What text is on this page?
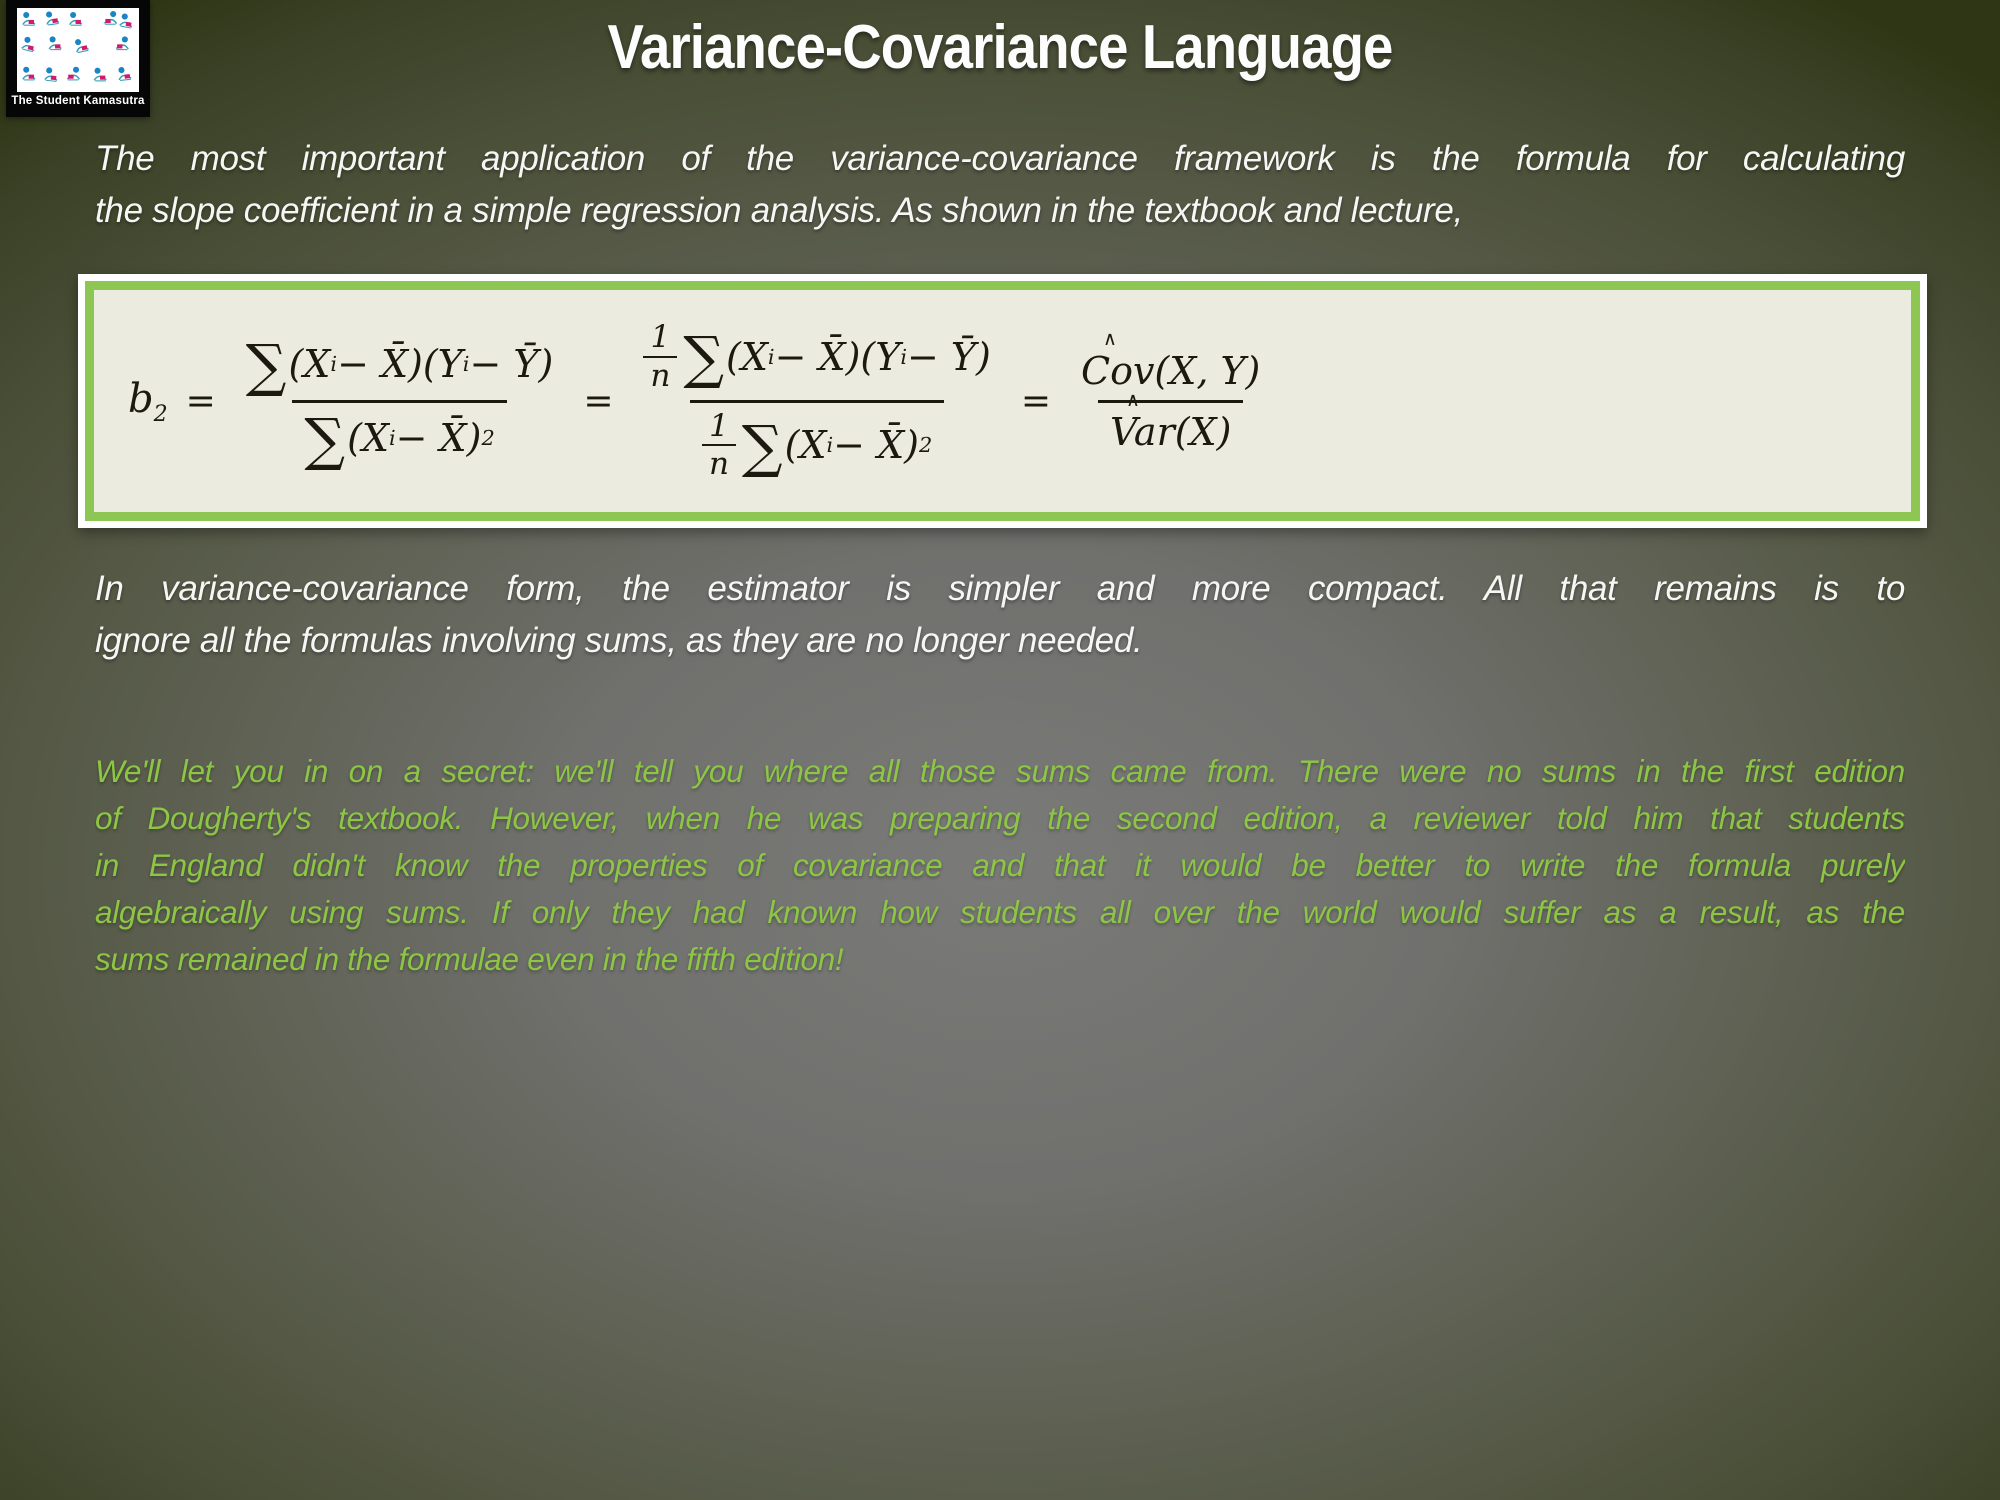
The Student Kamasutra
Variance-Covariance Language
The most important application of the variance-covariance framework is the formula for calculating
the slope coefficient in a simple regression analysis. As shown in the textbook and lecture,
$b_2 = \frac{\text{∑ (X i − X̄)(Y i − Ȳ)}}{\text{∑ (X i − X̄) 2}} = 1$
n ∑ (X i − X̄)(Y i − Ȳ)
1
n ∑ (X i − X̄) 2 = ∧
Cov(X, Y)
∧
Var(X)
In variance-covariance form, the estimator is simpler and more compact. All that remains is to
ignore all the formulas involving sums, as they are no longer needed.
We'll let you in on a secret: we'll tell you where all those sums came from. There were no sums in the first edition
of Dougherty's textbook. However, when he was preparing the second edition, a reviewer told him that students
in England didn't know the properties of covariance and that it would be better to write the formula purely
algebraically using sums. If only they had known how students all over the world would suffer as a result, as the
sums remained in the formulae even in the fifth edition!
